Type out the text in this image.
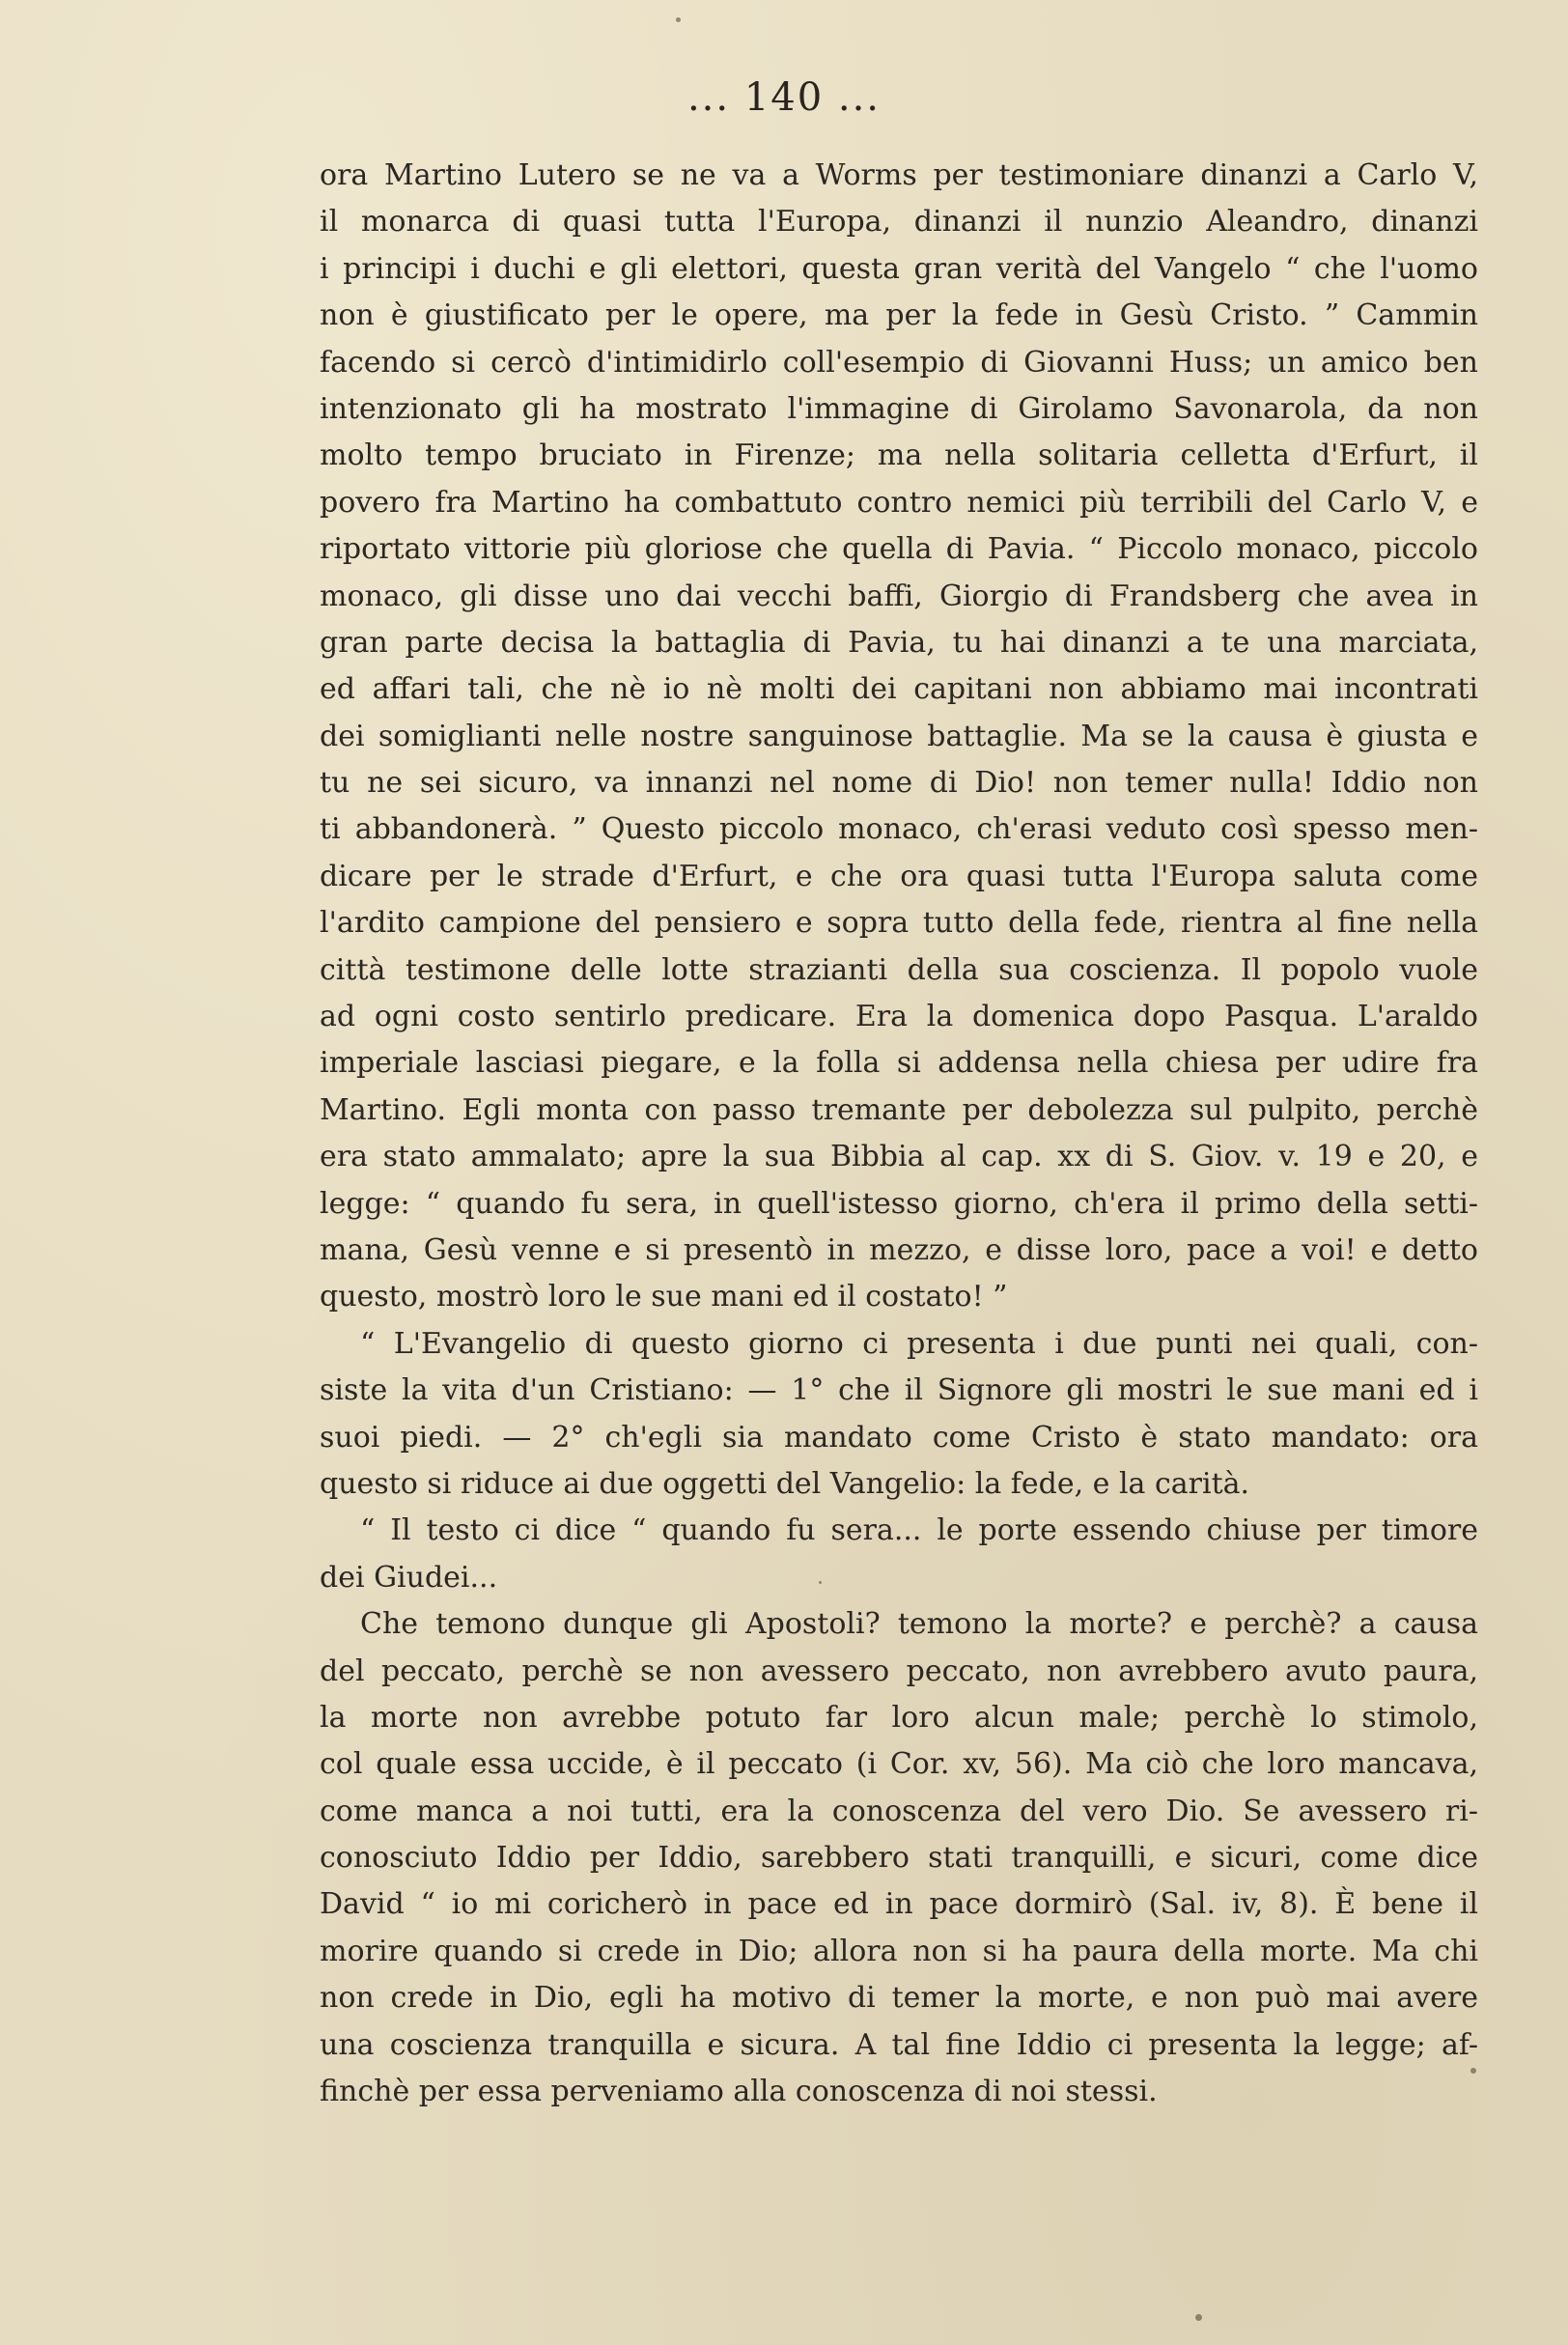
... 140 ...
ora Martino Lutero se ne va a Worms per testimoniare dinanzi a Carlo V,
il monarca di quasi tutta l'Europa, dinanzi il nunzio Aleandro, dinanzi
i principi i duchi e gli elettori, questa gran verità del Vangelo “ che l'uomo
non è giustificato per le opere, ma per la fede in Gesù Cristo. ” Cammin
facendo si cercò d'intimidirlo coll'esempio di Giovanni Huss; un amico ben
intenzionato gli ha mostrato l'immagine di Girolamo Savonarola, da non
molto tempo bruciato in Firenze; ma nella solitaria celletta d'Erfurt, il
povero fra Martino ha combattuto contro nemici più terribili del Carlo V, e
riportato vittorie più gloriose che quella di Pavia. “ Piccolo monaco, piccolo
monaco, gli disse uno dai vecchi baffi, Giorgio di Frandsberg che avea in
gran parte decisa la battaglia di Pavia, tu hai dinanzi a te una marciata,
ed affari tali, che nè io nè molti dei capitani non abbiamo mai incontrati
dei somiglianti nelle nostre sanguinose battaglie. Ma se la causa è giusta e
tu ne sei sicuro, va innanzi nel nome di Dio! non temer nulla! Iddio non
ti abbandonerà. ” Questo piccolo monaco, ch'erasi veduto così spesso men-
dicare per le strade d'Erfurt, e che ora quasi tutta l'Europa saluta come
l'ardito campione del pensiero e sopra tutto della fede, rientra al fine nella
città testimone delle lotte strazianti della sua coscienza. Il popolo vuole
ad ogni costo sentirlo predicare. Era la domenica dopo Pasqua. L'araldo
imperiale lasciasi piegare, e la folla si addensa nella chiesa per udire fra
Martino. Egli monta con passo tremante per debolezza sul pulpito, perchè
era stato ammalato; apre la sua Bibbia al cap. xx di S. Giov. v. 19 e 20, e
legge: “ quando fu sera, in quell'istesso giorno, ch'era il primo della setti-
mana, Gesù venne e si presentò in mezzo, e disse loro, pace a voi! e detto
questo, mostrò loro le sue mani ed il costato! ”
“ L'Evangelio di questo giorno ci presenta i due punti nei quali, con-
siste la vita d'un Cristiano: — 1° che il Signore gli mostri le sue mani ed i
suoi piedi. — 2° ch'egli sia mandato come Cristo è stato mandato: ora
questo si riduce ai due oggetti del Vangelio: la fede, e la carità.
“ Il testo ci dice “ quando fu sera... le porte essendo chiuse per timore
dei Giudei...
Che temono dunque gli Apostoli? temono la morte? e perchè? a causa
del peccato, perchè se non avessero peccato, non avrebbero avuto paura,
la morte non avrebbe potuto far loro alcun male; perchè lo stimolo,
col quale essa uccide, è il peccato (i Cor. xv, 56). Ma ciò che loro mancava,
come manca a noi tutti, era la conoscenza del vero Dio. Se avessero ri-
conosciuto Iddio per Iddio, sarebbero stati tranquilli, e sicuri, come dice
David “ io mi coricherò in pace ed in pace dormirò (Sal. iv, 8). È bene il
morire quando si crede in Dio; allora non si ha paura della morte. Ma chi
non crede in Dio, egli ha motivo di temer la morte, e non può mai avere
una coscienza tranquilla e sicura. A tal fine Iddio ci presenta la legge; af-
finchè per essa perveniamo alla conoscenza di noi stessi.
